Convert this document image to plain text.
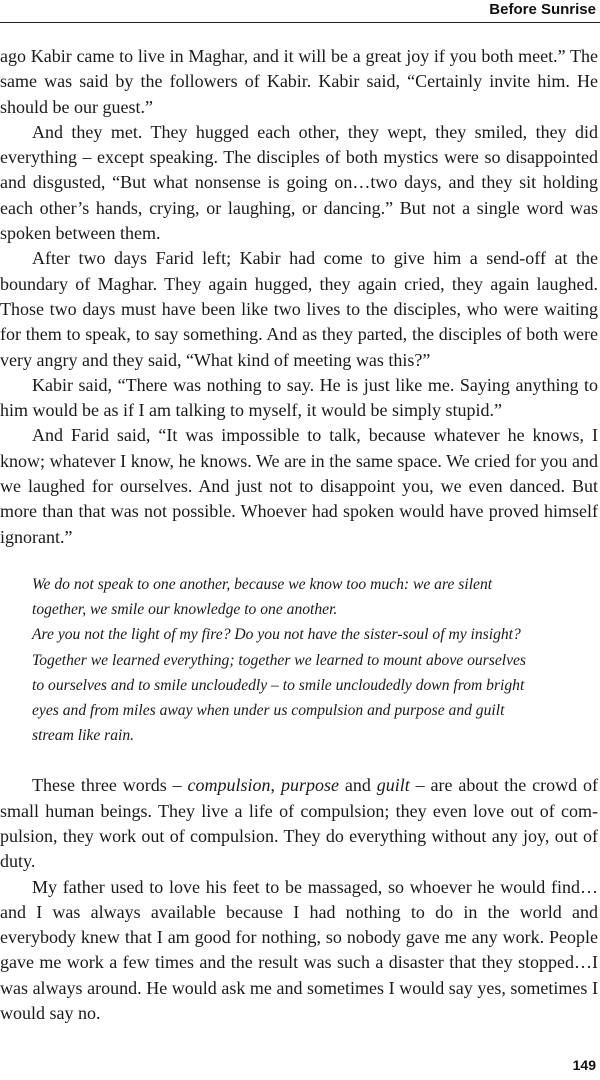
Before Sunrise

ago Kabir came to live in Maghar, and it will be a great joy if you both meet.” The same was said by the followers of Kabir. Kabir said, “Certainly invite him. He should be our guest.”

And they met. They hugged each other, they wept, they smiled, they did everything – except speaking. The disciples of both mystics were so disappointed and disgusted, “But what nonsense is going on…two days, and they sit holding each other’s hands, crying, or laughing, or dancing.” But not a single word was spoken between them.

After two days Farid left; Kabir had come to give him a send-off at the boundary of Maghar. They again hugged, they again cried, they again laughed. Those two days must have been like two lives to the disciples, who were waiting for them to speak, to say something. And as they parted, the disciples of both were very angry and they said, “What kind of meeting was this?”

Kabir said, “There was nothing to say. He is just like me. Saying anything to him would be as if I am talking to myself, it would be simply stupid.”

And Farid said, “It was impossible to talk, because whatever he knows, I know; whatever I know, he knows. We are in the same space. We cried for you and we laughed for ourselves. And just not to disappoint you, we even danced. But more than that was not possible. Whoever had spoken would have proved himself ignorant.”

We do not speak to one another, because we know too much: we are silent
together, we smile our knowledge to one another.
Are you not the light of my fire? Do you not have the sister-soul of my insight?
Together we learned everything; together we learned to mount above ourselves
to ourselves and to smile uncloudedly – to smile uncloudedly down from bright
eyes and from miles away when under us compulsion and purpose and guilt
stream like rain.

These three words – compulsion, purpose and guilt – are about the crowd of small human beings. They live a life of compulsion; they even love out of compulsion, they work out of compulsion. They do everything without any joy, out of duty.

My father used to love his feet to be massaged, so whoever he would find…and I was always available because I had nothing to do in the world and everybody knew that I am good for nothing, so nobody gave me any work. People gave me work a few times and the result was such a disaster that they stopped…I was always around. He would ask me and sometimes I would say yes, sometimes I would say no.

149
